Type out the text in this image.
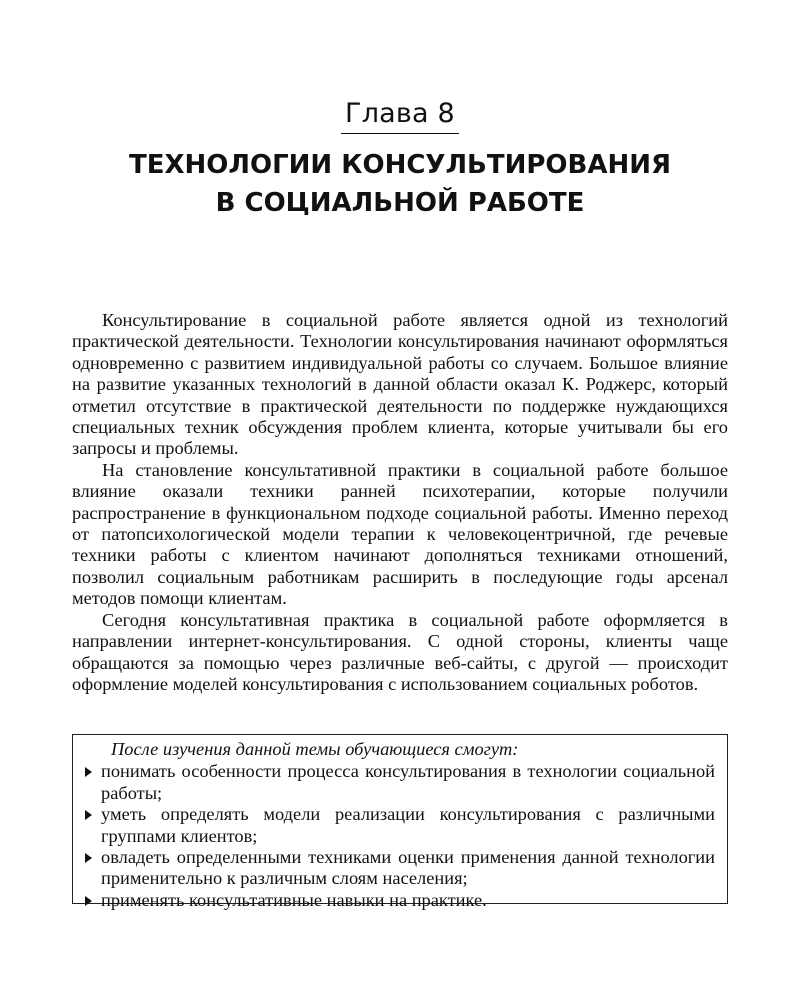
Глава 8
ТЕХНОЛОГИИ КОНСУЛЬТИРОВАНИЯ
В СОЦИАЛЬНОЙ РАБОТЕ

Консультирование в социальной работе является одной из технологий практической деятельности. Технологии консультирования начинают оформляться одновременно с развитием индивидуальной работы со случаем. Большое влияние на развитие указанных технологий в данной области оказал К. Роджерс, который отметил отсутствие в практической деятельности по поддержке нуждающихся специальных техник обсуждения проблем клиента, которые учитывали бы его запросы и проблемы.

На становление консультативной практики в социальной работе большое влияние оказали техники ранней психотерапии, которые получили распространение в функциональном подходе социальной работы. Именно переход от патопсихологической модели терапии к человекоцентричной, где речевые техники работы с клиентом начинают дополняться техниками отношений, позволил социальным работникам расширить в последующие годы арсенал методов помощи клиентам.

Сегодня консультативная практика в социальной работе оформляется в направлении интернет-консультирования. С одной стороны, клиенты чаще обращаются за помощью через различные веб-сайты, с другой — происходит оформление моделей консультирования с использованием социальных роботов.

После изучения данной темы обучающиеся смогут:
понимать особенности процесса консультирования в технологии социальной работы;
уметь определять модели реализации консультирования с различными группами клиентов;
овладеть определенными техниками оценки применения данной технологии применительно к различным слоям населения;
применять консультативные навыки на практике.
